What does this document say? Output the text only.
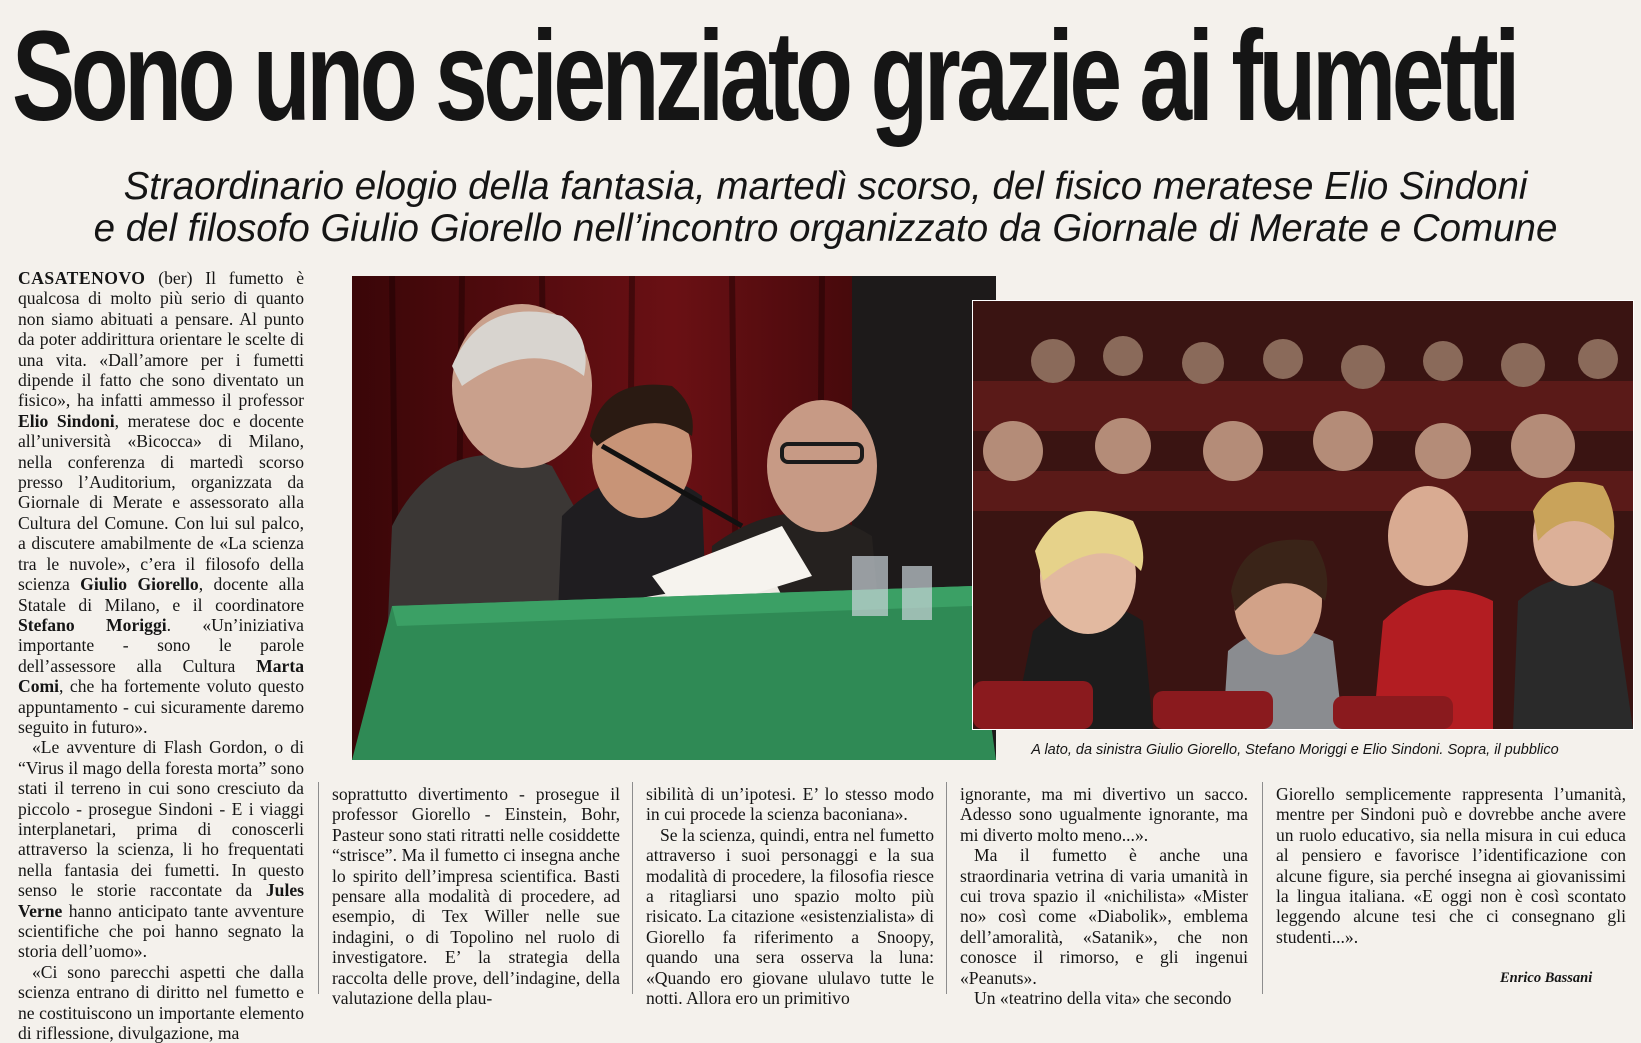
Sono uno scienziato grazie ai fumetti
Straordinario elogio della fantasia, martedì scorso, del fisico meratese Elio Sindoni
e del filosofo Giulio Giorello nell’incontro organizzato da Giornale di Merate e Comune

CASATENOVO (ber) Il fumetto è qualcosa di molto più serio di quanto non siamo abituati a pensare. Al punto da poter addirittura orientare le scelte di una vita. «Dall’amore per i fumetti dipende il fatto che sono diventato un fisico», ha infatti ammesso il professor Elio Sindoni, meratese doc e docente all’università «Bicocca» di Milano, nella conferenza di martedì scorso presso l’Auditorium, organizzata da Giornale di Merate e assessorato alla Cultura del Comune. Con lui sul palco, a discutere amabilmente de «La scienza tra le nuvole», c’era il filosofo della scienza Giulio Giorello, docente alla Statale di Milano, e il coordinatore Stefano Moriggi. «Un’iniziativa importante - sono le parole dell’assessore alla Cultura Marta Comi, che ha fortemente voluto questo appuntamento - cui sicuramente daremo seguito in futuro».

«Le avventure di Flash Gordon, o di “Virus il mago della foresta morta” sono stati il terreno in cui sono cresciuto da piccolo - prosegue Sindoni - E i viaggi interplanetari, prima di conoscerli attraverso la scienza, li ho frequentati nella fantasia dei fumetti. In questo senso le storie raccontate da Jules Verne hanno anticipato tante avventure scientifiche che poi hanno segnato la storia dell’uomo».

«Ci sono parecchi aspetti che dalla scienza entrano di diritto nel fumetto e ne costituiscono un importante elemento di riflessione, divulgazione, ma

soprattutto divertimento - prosegue il professor Giorello - Einstein, Bohr, Pasteur sono stati ritratti nelle cosiddette “strisce”. Ma il fumetto ci insegna anche lo spirito dell’impresa scientifica. Basti pensare alla modalità di procedere, ad esempio, di Tex Willer nelle sue indagini, o di Topolino nel ruolo di investigatore. E’ la strategia della raccolta delle prove, dell’indagine, della valutazione della plau-

sibilità di un’ipotesi. E’ lo stesso modo in cui procede la scienza baconiana».

Se la scienza, quindi, entra nel fumetto attraverso i suoi personaggi e la sua modalità di procedere, la filosofia riesce a ritagliarsi uno spazio molto più risicato. La citazione «esistenzialista» di Giorello fa riferimento a Snoopy, quando una sera osserva la luna: «Quando ero giovane ululavo tutte le notti. Allora ero un primitivo

ignorante, ma mi divertivo un sacco. Adesso sono ugualmente ignorante, ma mi diverto molto meno...».

Ma il fumetto è anche una straordinaria vetrina di varia umanità in cui trova spazio il «nichilista» «Mister no» così come «Diabolik», emblema dell’amoralità, «Satanik», che non conosce il rimorso, e gli ingenui «Peanuts».

Un «teatrino della vita» che secondo

Giorello semplicemente rappresenta l’umanità, mentre per Sindoni può e dovrebbe anche avere un ruolo educativo, sia nella misura in cui educa al pensiero e favorisce l’identificazione con alcune figure, sia perché insegna ai giovanissimi la lingua italiana. «E oggi non è così scontato leggendo alcune tesi che ci consegnano gli studenti...».

A lato, da sinistra Giulio Giorello, Stefano Moriggi e Elio Sindoni. Sopra, il pubblico
Enrico Bassani
